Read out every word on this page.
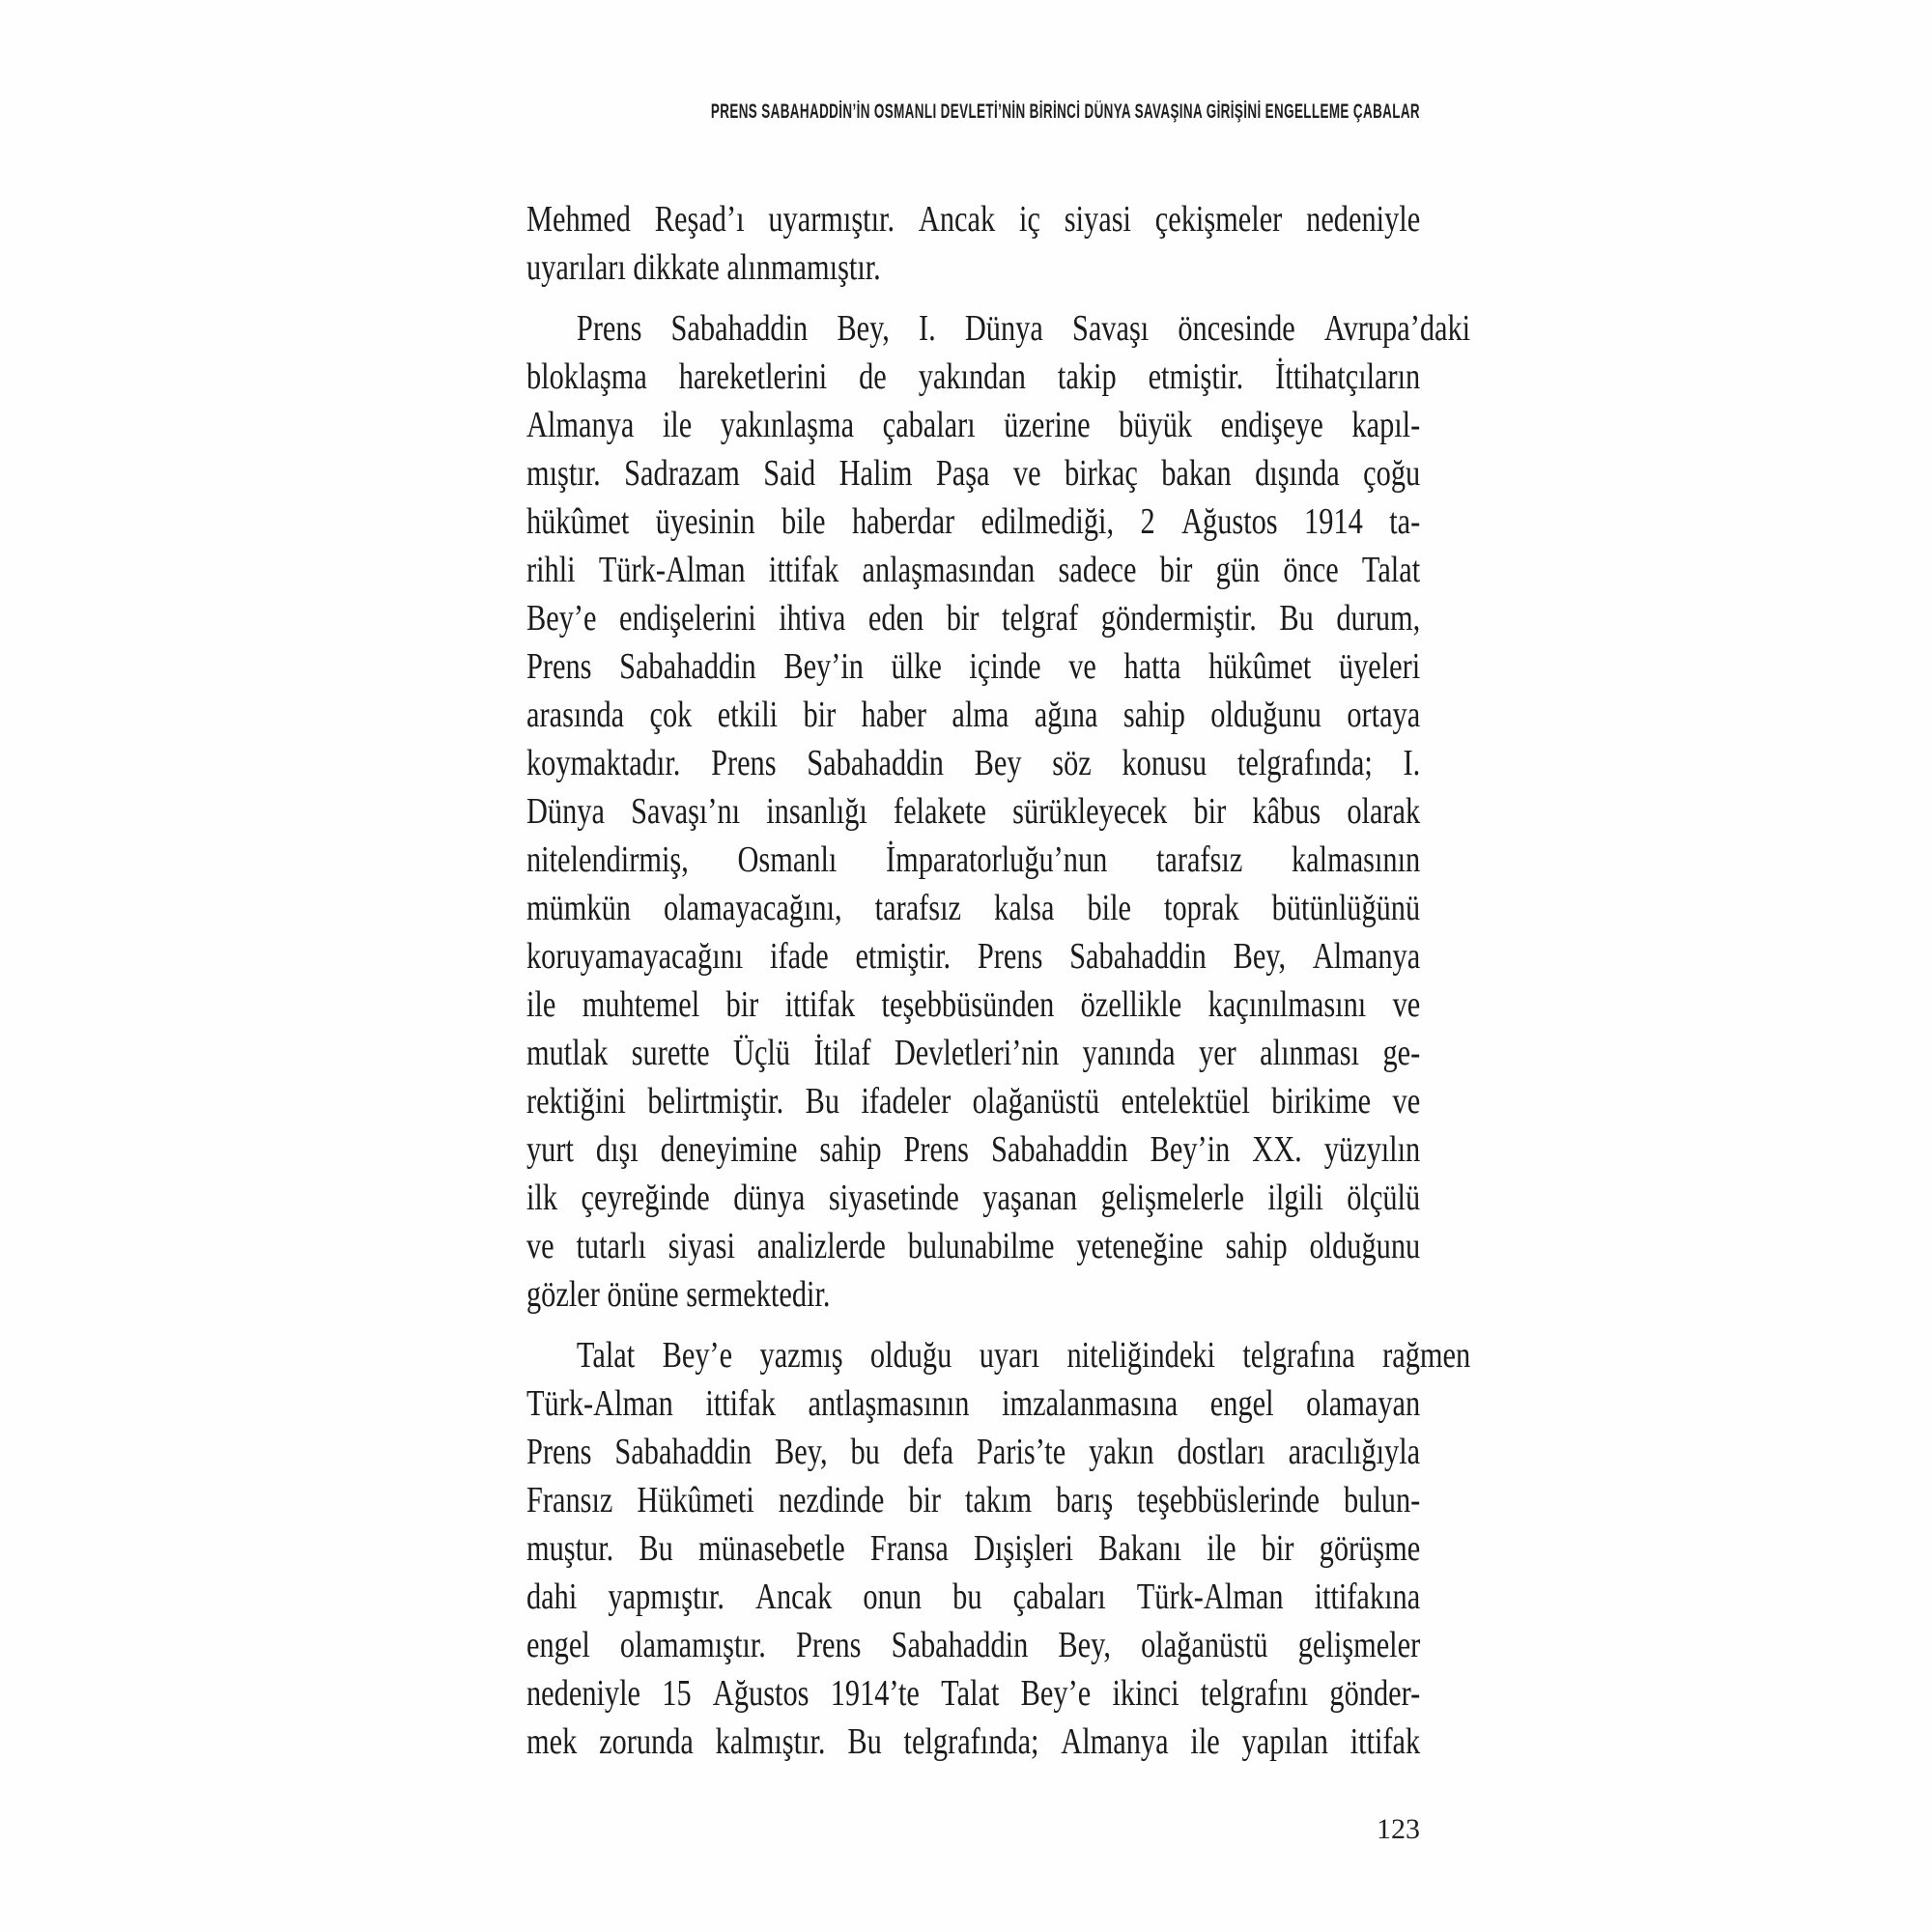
PRENS SABAHADDİN’İN OSMANLI DEVLETİ’NİN BİRİNCİ DÜNYA SAVAŞINA GİRİŞİNİ ENGELLEME ÇABALAR
Mehmed Reşad’ı uyarmıştır. Ancak iç siyasi çekişmeler nedeniyle
uyarıları dikkate alınmamıştır.
Prens Sabahaddin Bey, I. Dünya Savaşı öncesinde Avrupa’daki
bloklaşma hareketlerini de yakından takip etmiştir. İttihatçıların
Almanya ile yakınlaşma çabaları üzerine büyük endişeye kapıl-
mıştır. Sadrazam Said Halim Paşa ve birkaç bakan dışında çoğu
hükûmet üyesinin bile haberdar edilmediği, 2 Ağustos 1914 ta-
rihli Türk-Alman ittifak anlaşmasından sadece bir gün önce Talat
Bey’e endişelerini ihtiva eden bir telgraf göndermiştir. Bu durum,
Prens Sabahaddin Bey’in ülke içinde ve hatta hükûmet üyeleri
arasında çok etkili bir haber alma ağına sahip olduğunu ortaya
koymaktadır. Prens Sabahaddin Bey söz konusu telgrafında; I.
Dünya Savaşı’nı insanlığı felakete sürükleyecek bir kâbus olarak
nitelendirmiş, Osmanlı İmparatorluğu’nun tarafsız kalmasının
mümkün olamayacağını, tarafsız kalsa bile toprak bütünlüğünü
koruyamayacağını ifade etmiştir. Prens Sabahaddin Bey, Almanya
ile muhtemel bir ittifak teşebbüsünden özellikle kaçınılmasını ve
mutlak surette Üçlü İtilaf Devletleri’nin yanında yer alınması ge-
rektiğini belirtmiştir. Bu ifadeler olağanüstü entelektüel birikime ve
yurt dışı deneyimine sahip Prens Sabahaddin Bey’in XX. yüzyılın
ilk çeyreğinde dünya siyasetinde yaşanan gelişmelerle ilgili ölçülü
ve tutarlı siyasi analizlerde bulunabilme yeteneğine sahip olduğunu
gözler önüne sermektedir.
Talat Bey’e yazmış olduğu uyarı niteliğindeki telgrafına rağmen
Türk-Alman ittifak antlaşmasının imzalanmasına engel olamayan
Prens Sabahaddin Bey, bu defa Paris’te yakın dostları aracılığıyla
Fransız Hükûmeti nezdinde bir takım barış teşebbüslerinde bulun-
muştur. Bu münasebetle Fransa Dışişleri Bakanı ile bir görüşme
dahi yapmıştır. Ancak onun bu çabaları Türk-Alman ittifakına
engel olamamıştır. Prens Sabahaddin Bey, olağanüstü gelişmeler
nedeniyle 15 Ağustos 1914’te Talat Bey’e ikinci telgrafını gönder-
mek zorunda kalmıştır. Bu telgrafında; Almanya ile yapılan ittifak
123
